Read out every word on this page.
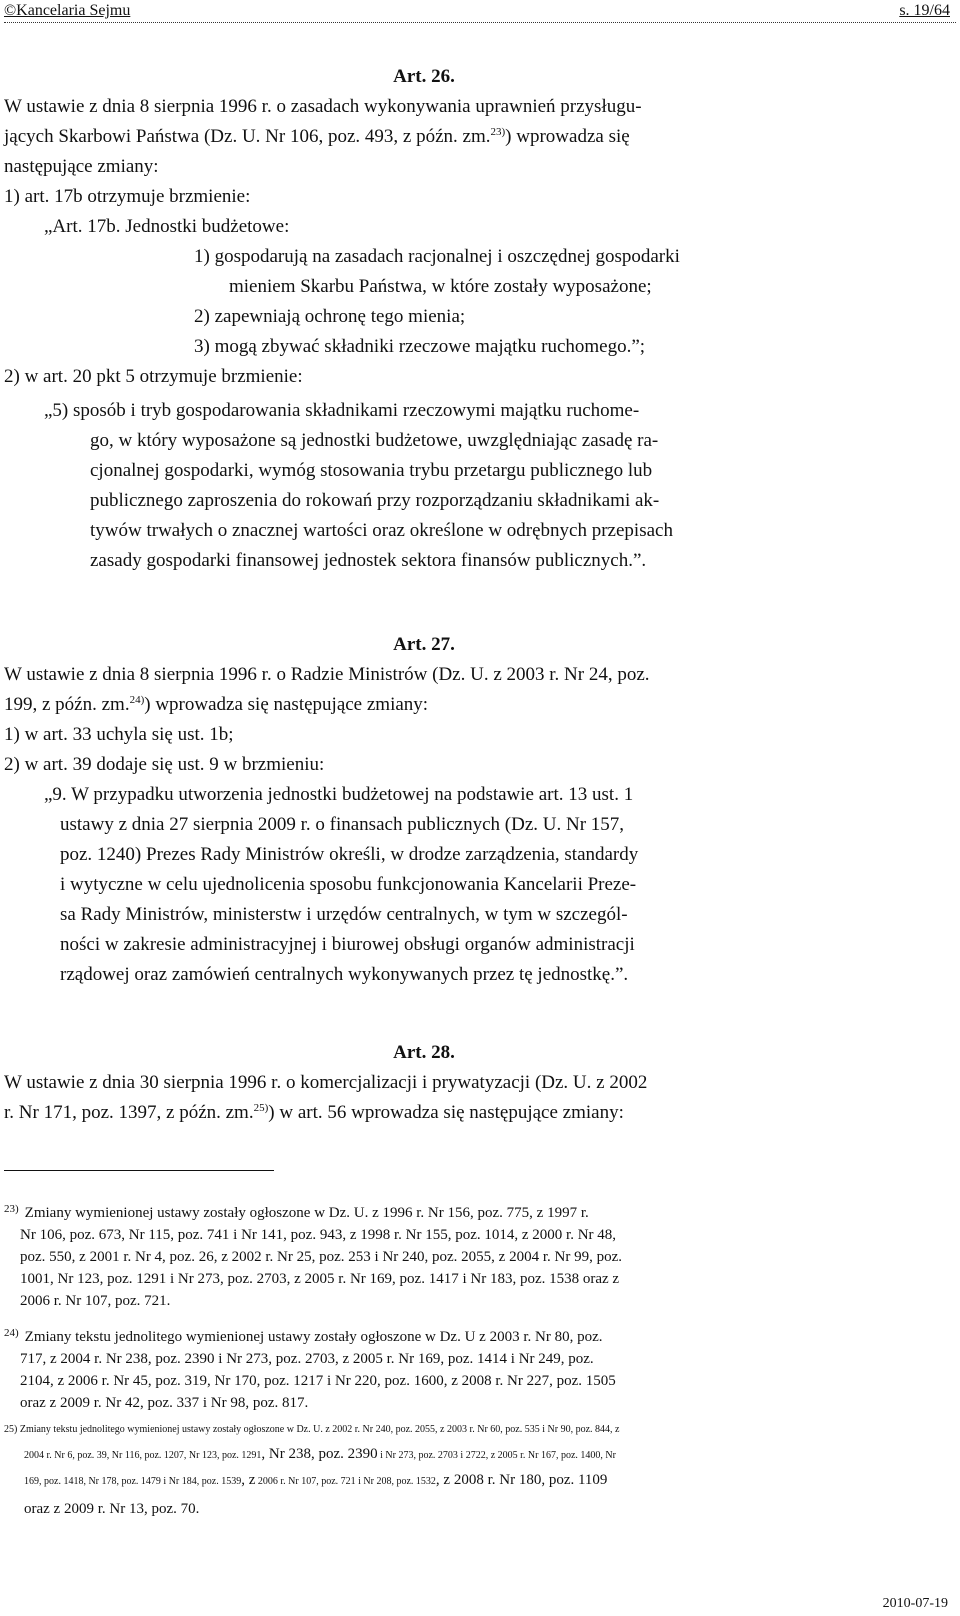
©Kancelaria Sejmu	s. 19/64
Art. 26.
W ustawie z dnia 8 sierpnia 1996 r. o zasadach wykonywania uprawnień przysługu-
jących Skarbowi Państwa (Dz. U. Nr 106, poz. 493, z późn. zm.$^{23)}$) wprowadza się
następujące zmiany:
1) art. 17b otrzymuje brzmienie:
„Art. 17b. Jednostki budżetowe:
1) gospodarują na zasadach racjonalnej i oszczędnej gospodarki
mieniem Skarbu Państwa, w które zostały wyposażone;
2) zapewniają ochronę tego mienia;
3) mogą zbywać składniki rzeczowe majątku ruchomego.”;
2) w art. 20 pkt 5 otrzymuje brzmienie:
„5) sposób i tryb gospodarowania składnikami rzeczowymi majątku ruchome-
go, w który wyposażone są jednostki budżetowe, uwzględniając zasadę ra-
cjonalnej gospodarki, wymóg stosowania trybu przetargu publicznego lub
publicznego zaproszenia do rokowań przy rozporządzaniu składnikami ak-
tywów trwałych o znacznej wartości oraz określone w odrębnych przepisach
zasady gospodarki finansowej jednostek sektora finansów publicznych.”.
Art. 27.
W ustawie z dnia 8 sierpnia 1996 r. o Radzie Ministrów (Dz. U. z 2003 r. Nr 24, poz.
199, z późn. zm.$^{24)}$) wprowadza się następujące zmiany:
1) w art. 33 uchyla się ust. 1b;
2) w art. 39 dodaje się ust. 9 w brzmieniu:
„9. W przypadku utworzenia jednostki budżetowej na podstawie art. 13 ust. 1
ustawy z dnia 27 sierpnia 2009 r. o finansach publicznych (Dz. U. Nr 157,
poz. 1240) Prezes Rady Ministrów określi, w drodze zarządzenia, standardy
i wytyczne w celu ujednolicenia sposobu funkcjonowania Kancelarii Preze-
sa Rady Ministrów, ministerstw i urzędów centralnych, w tym w szczegól-
ności w zakresie administracyjnej i biurowej obsługi organów administracji
rządowej oraz zamówień centralnych wykonywanych przez tę jednostkę.”.
Art. 28.
W ustawie z dnia 30 sierpnia 1996 r. o komercjalizacji i prywatyzacji (Dz. U. z 2002
r. Nr 171, poz. 1397, z późn. zm.$^{25)}$) w art. 56 wprowadza się następujące zmiany:
$^{23)}$ Zmiany wymienionej ustawy zostały ogłoszone w Dz. U. z 1996 r. Nr 156, poz. 775, z 1997 r.
Nr 106, poz. 673, Nr 115, poz. 741 i Nr 141, poz. 943, z 1998 r. Nr 155, poz. 1014, z 2000 r. Nr 48,
poz. 550, z 2001 r. Nr 4, poz. 26, z 2002 r. Nr 25, poz. 253 i Nr 240, poz. 2055, z 2004 r. Nr 99, poz.
1001, Nr 123, poz. 1291 i Nr 273, poz. 2703, z 2005 r. Nr 169, poz. 1417 i Nr 183, poz. 1538 oraz z
2006 r. Nr 107, poz. 721.
$^{24)}$ Zmiany tekstu jednolitego wymienionej ustawy zostały ogłoszone w Dz. U z 2003 r. Nr 80, poz.
717, z 2004 r. Nr 238, poz. 2390 i Nr 273, poz. 2703, z 2005 r. Nr 169, poz. 1414 i Nr 249, poz.
2104, z 2006 r. Nr 45, poz. 319, Nr 170, poz. 1217 i Nr 220, poz. 1600, z 2008 r. Nr 227, poz. 1505
oraz z 2009 r. Nr 42, poz. 337 i Nr 98, poz. 817.
25) Zmiany tekstu jednolitego wymienionej ustawy zostały ogłoszone w Dz. U. z 2002 r. Nr 240, poz. 2055, z 2003 r. Nr 60, poz. 535 i Nr 90, poz. 844, z
2004 r. Nr 6, poz. 39, Nr 116, poz. 1207, Nr 123, poz. 1291, Nr 238, poz. 2390 i Nr 273, poz. 2703 i 2722, z 2005 r. Nr 167, poz. 1400, Nr
169, poz. 1418, Nr 178, poz. 1479 i Nr 184, poz. 1539, z 2006 r. Nr 107, poz. 721 i Nr 208, poz. 1532, z 2008 r. Nr 180, poz. 1109
oraz z 2009 r. Nr 13, poz. 70.
2010-07-19
